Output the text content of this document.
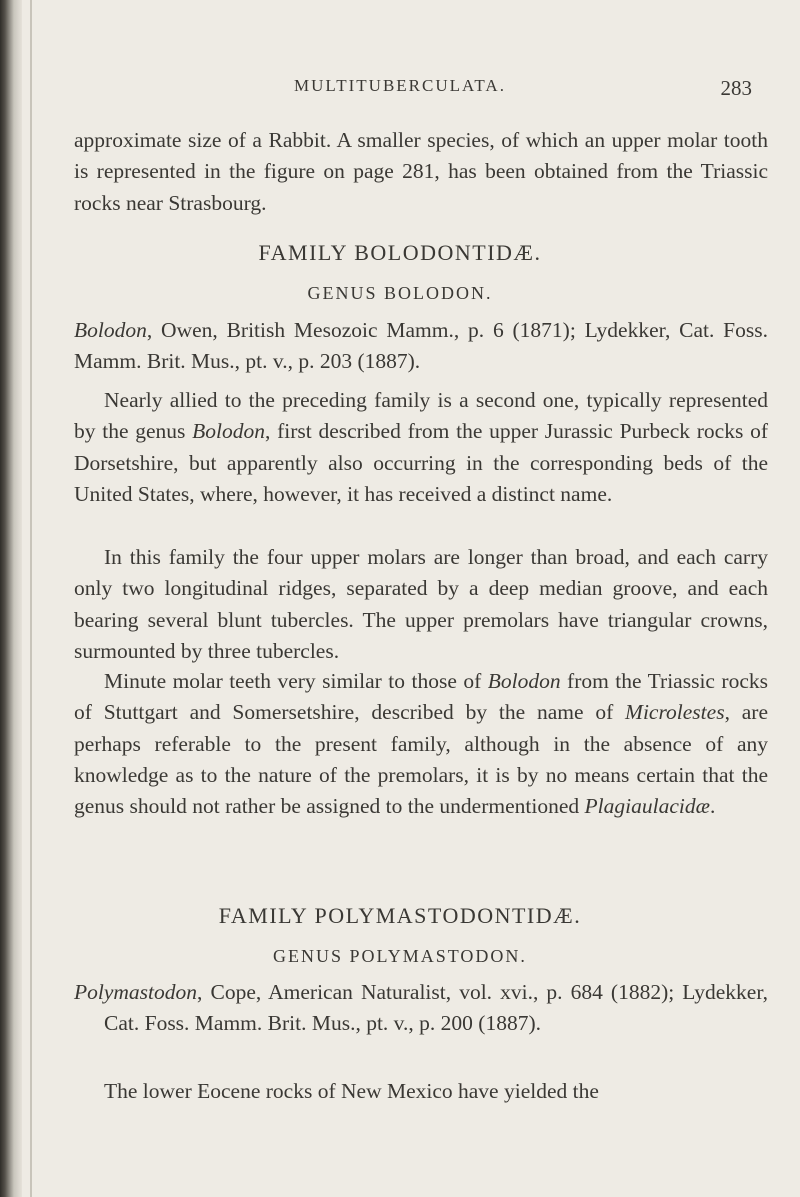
MULTITUBERCULATA.	283

approximate size of a Rabbit. A smaller species, of which an upper molar tooth is represented in the figure on page 281, has been obtained from the Triassic rocks near Strasbourg.

FAMILY BOLODONTIDÆ.
GENUS BOLODON.

Bolodon, Owen, British Mesozoic Mamm., p. 6 (1871); Lydekker, Cat. Foss. Mamm. Brit. Mus., pt. v., p. 203 (1887).

Nearly allied to the preceding family is a second one, typically represented by the genus Bolodon, first described from the upper Jurassic Purbeck rocks of Dorsetshire, but apparently also occurring in the corresponding beds of the United States, where, however, it has received a distinct name.

In this family the four upper molars are longer than broad, and each carry only two longitudinal ridges, separated by a deep median groove, and each bearing several blunt tubercles. The upper premolars have triangular crowns, surmounted by three tubercles.

Minute molar teeth very similar to those of Bolodon from the Triassic rocks of Stuttgart and Somersetshire, described by the name of Microlestes, are perhaps referable to the present family, although in the absence of any knowledge as to the nature of the premolars, it is by no means certain that the genus should not rather be assigned to the undermentioned Plagiaulacidæ.

FAMILY POLYMASTODONTIDÆ.
GENUS POLYMASTODON.

Polymastodon, Cope, American Naturalist, vol. xvi., p. 684 (1882); Lydekker, Cat. Foss. Mamm. Brit. Mus., pt. v., p. 200 (1887).

The lower Eocene rocks of New Mexico have yielded the
